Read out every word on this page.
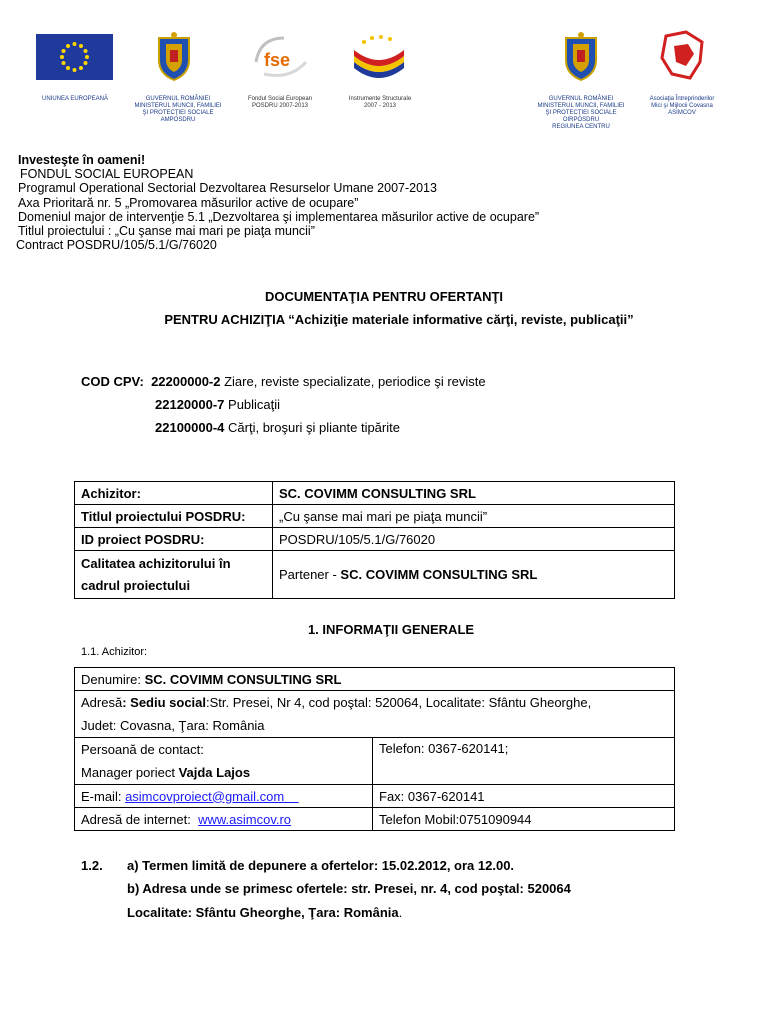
UNIUNEA EUROPEANĂ	GUVERNUL ROMÂNIEI
MINISTERUL MUNCII, FAMILIEI
ŞI PROTECŢIEI SOCIALE
AMPOSDRU
fse
Fondul Social European
POSDRU 2007-2013
Instrumente Structurale
2007 - 2013
GUVERNUL ROMÂNIEI
MINISTERUL MUNCII, FAMILIEI
ŞI PROTECŢIEI SOCIALE
OIRPOSDRU
REGIUNEA CENTRU
Asociaţia Întreprinderilor
Mici şi Mijlocii Covasna
ASIMCOV
Investeşte în oameni!
FONDUL SOCIAL EUROPEAN
Programul Operational Sectorial Dezvoltarea Resurselor Umane 2007-2013
Axa Prioritară nr. 5 „Promovarea măsurilor active de ocupare”
Domeniul major de intervenţie 5.1 „Dezvoltarea şi implementarea măsurilor active de ocupare”
Titlul proiectului : „Cu şanse mai mari pe piaţa muncii”
Contract POSDRU/105/5.1/G/76020
DOCUMENTAŢIA PENTRU OFERTANŢI
PENTRU ACHIZIŢIA “Achiziţie materiale informative cărţi, reviste, publicaţii”
COD CPV: 22200000-2 Ziare, reviste specializate, periodice şi reviste
22120000-7 Publicaţii
22100000-4 Cărţi, broşuri şi pliante tipărite
Achizitor:	SC. COVIMM CONSULTING SRL
Titlul proiectului POSDRU:	„Cu şanse mai mari pe piaţa muncii”
ID proiect POSDRU:	POSDRU/105/5.1/G/76020

Calitatea achizitorului în
cadrul proiectului	Partener - SC. COVIMM CONSULTING SRL
1. INFORMAŢII GENERALE
1.1. Achizitor:
Denumire: SC. COVIMM CONSULTING SRL	

Adresă: Sediu social:Str. Presei, Nr 4, cod poştal: 520064, Localitate: Sfântu Gheorghe,
Judet: Covasna, Ţara: România	

Persoană de contact:
Manager poriect Vajda Lajos	Telefon: 0367-620141;
E-mail: asimcovproiect@gmail.com	Fax: 0367-620141
Adresă de internet:  www.asimcov.ro	Telefon Mobil:0751090944
1.2. a) Termen limită de depunere a ofertelor: 15.02.2012, ora 12.00.
b) Adresa unde se primesc ofertele: str. Presei, nr. 4, cod poştal: 520064
Localitate: Sfântu Gheorghe, Ţara: România.
